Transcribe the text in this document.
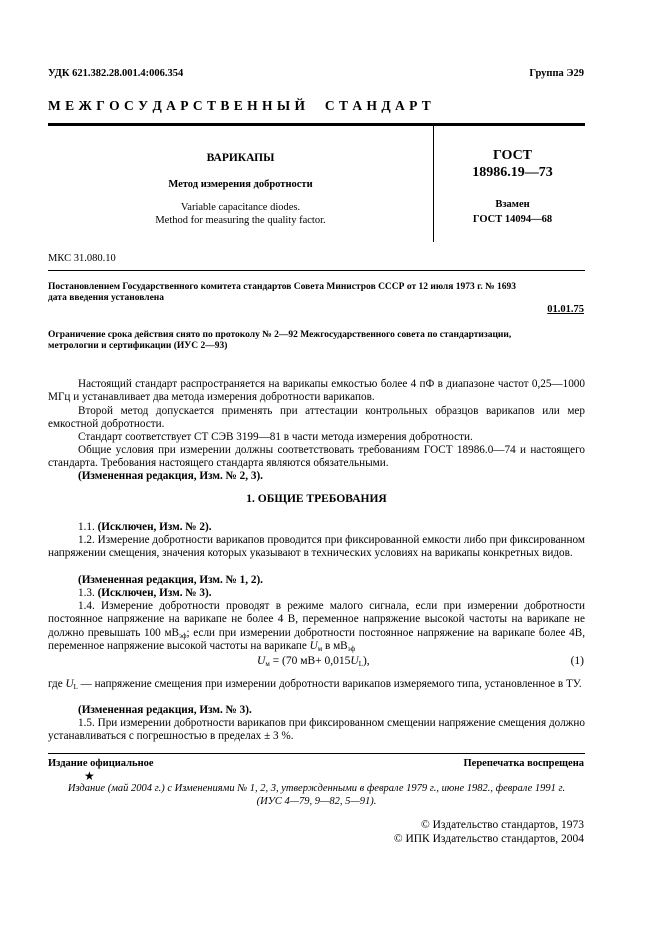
УДК 621.382.28.001.4:006.354	Группа Э29
М Е Ж Г О С У Д А Р С Т В Е Н Н Ы Й     С Т А Н Д А Р Т
ВАРИКАПЫ
Метод измерения добротности
Variable capacitance diodes.
Method for measuring the quality factor.
ГОСТ
18986.19—73
Взамен
ГОСТ 14094—68
МКС 31.080.10
Постановлением Государственного комитета стандартов Совета Министров СССР от 12 июля 1973 г. № 1693
дата введения установлена
01.01.75
Ограничение срока действия снято по протоколу № 2—92 Межгосударственного совета по стандартизации,
метрологии и сертификации (ИУС 2—93)
Настоящий стандарт распространяется на варикапы емкостью более 4 пФ в диапазоне частот 0,25—1000 МГц и устанавливает два метода измерения добротности варикапов.
Второй метод допускается применять при аттестации контрольных образцов варикапов или мер емкостной добротности.
Стандарт соответствует СТ СЭВ 3199—81 в части метода измерения добротности.
Общие условия при измерении должны соответствовать требованиям ГОСТ 18986.0—74 и настоящего стандарта. Требования настоящего стандарта являются обязательными.
(Измененная редакция, Изм. № 2, 3).
1. ОБЩИЕ ТРЕБОВАНИЯ
1.1. (Исключен, Изм. № 2).
1.2. Измерение добротности варикапов проводится при фиксированной емкости либо при фиксированном напряжении смещения, значения которых указывают в технических условиях на варикапы конкретных видов.
(Измененная редакция, Изм. № 1, 2).
1.3. (Исключен, Изм. № 3).
1.4. Измерение добротности проводят в режиме малого сигнала, если при измерении добротности постоянное напряжение на варикапе не более 4 В, переменное напряжение высокой частоты на варикапе не должно превышать 100 $мВ_{эф}$; если при измерении добротности постоянное напряжение на варикапе более 4В, переменное напряжение высокой частоты на варикапе $U_м$ в $мВ_{эф}$
$U_м = (70$ $мВ+ 0,015U_L$),	(1)
где $U_L$ — напряжение смещения при измерении добротности варикапов измеряемого типа, установленное в ТУ.
(Измененная редакция, Изм. № 3).
1.5. При измерении добротности варикапов при фиксированном смещении напряжение смещения должно устанавливаться с погрешностью в пределах ± 3 %.
Издание официальное	Перепечатка воспрещена
★
Издание (май 2004 г.) с Изменениями № 1, 2, 3, утвержденными в феврале 1979 г., июне 1982., феврале 1991 г.
(ИУС 4—79, 9—82, 5—91).
© Издательство стандартов, 1973
© ИПК Издательство стандартов, 2004
